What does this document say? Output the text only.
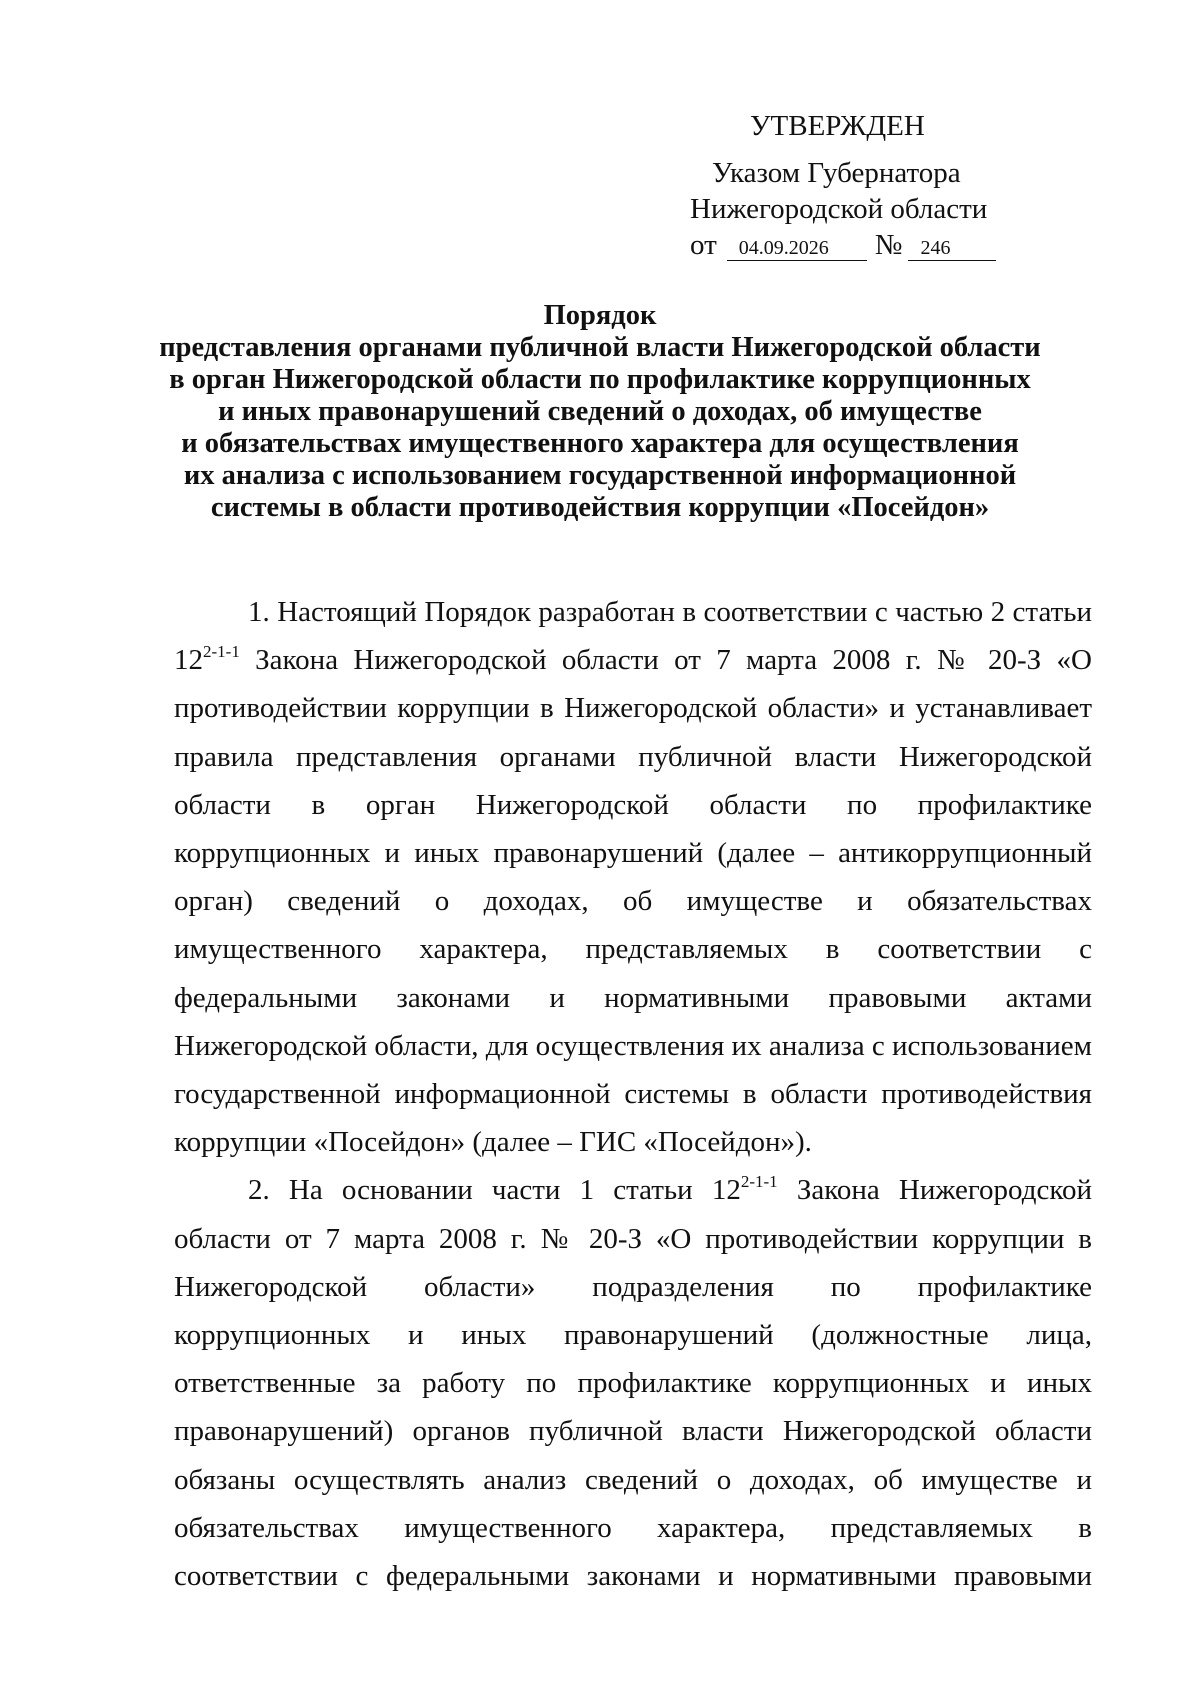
УТВЕРЖДЕН
Указом Губернатора
Нижегородской области
от	04.09.2026	№ 246
Порядок
представления органами публичной власти Нижегородской области
в орган Нижегородской области по профилактике коррупционных
и иных правонарушений сведений о доходах, об имуществе
и обязательствах имущественного характера для осуществления
их анализа с использованием государственной информационной
системы в области противодействия коррупции «Посейдон»

1. Настоящий Порядок разработан в соответствии с частью 2 статьи 12$^{2-1-1}$ Закона Нижегородской области от 7 марта 2008 г. № 20-З «О противодействии коррупции в Нижегородской области» и устанавливает правила представления органами публичной власти Нижегородской области в орган Нижегородской области по профилактике коррупционных и иных правонарушений (далее – антикоррупционный орган) сведений о доходах, об имуществе и обязательствах имущественного характера, представляемых в соответствии с федеральными законами и нормативными правовыми актами Нижегородской области, для осуществления их анализа с использованием государственной информационной системы в области противодействия коррупции «Посейдон» (далее – ГИС «Посейдон»).

2. На основании части 1 статьи 12$^{2-1-1}$ Закона Нижегородской области от 7 марта 2008 г. № 20-З «О противодействии коррупции в Нижегородской области» подразделения по профилактике коррупционных и иных правонарушений (должностные лица, ответственные за работу по профилактике коррупционных и иных правонарушений) органов публичной власти Нижегородской области обязаны осуществлять анализ сведений о доходах, об имуществе и обязательствах имущественного характера, представляемых в соответствии с федеральными законами и нормативными правовыми
